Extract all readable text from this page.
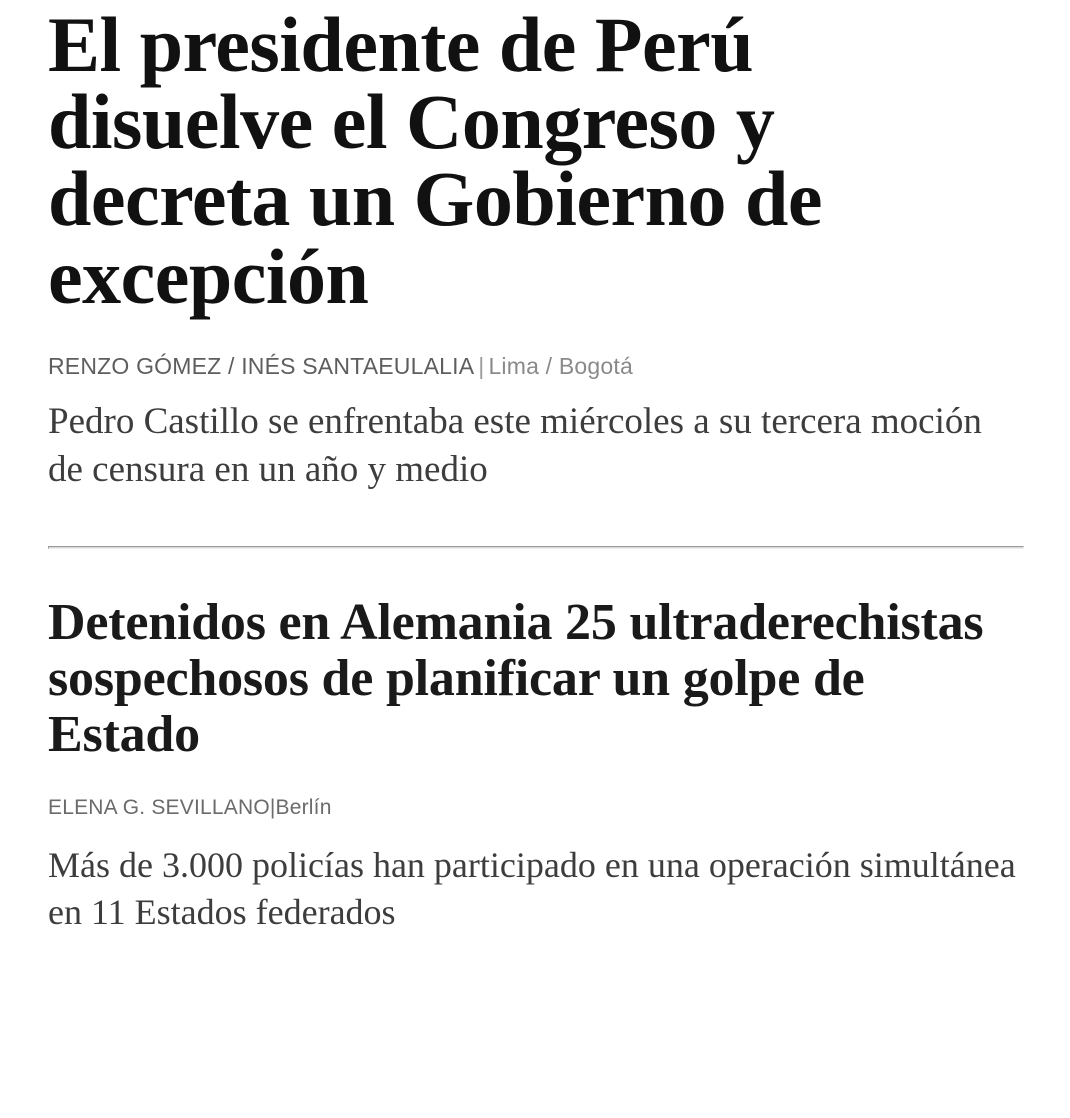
El presidente de Perú disuelve el Congreso y decreta un Gobierno de excepción
RENZO GÓMEZ / INÉS SANTAEULALIA | Lima / Bogotá

Pedro Castillo se enfrentaba este miércoles a su tercera moción de censura en un año y medio

Detenidos en Alemania 25 ultraderechistas sospechosos de planificar un golpe de Estado
ELENA G. SEVILLANO|Berlín

Más de 3.000 policías han participado en una operación simultánea en 11 Estados federados
